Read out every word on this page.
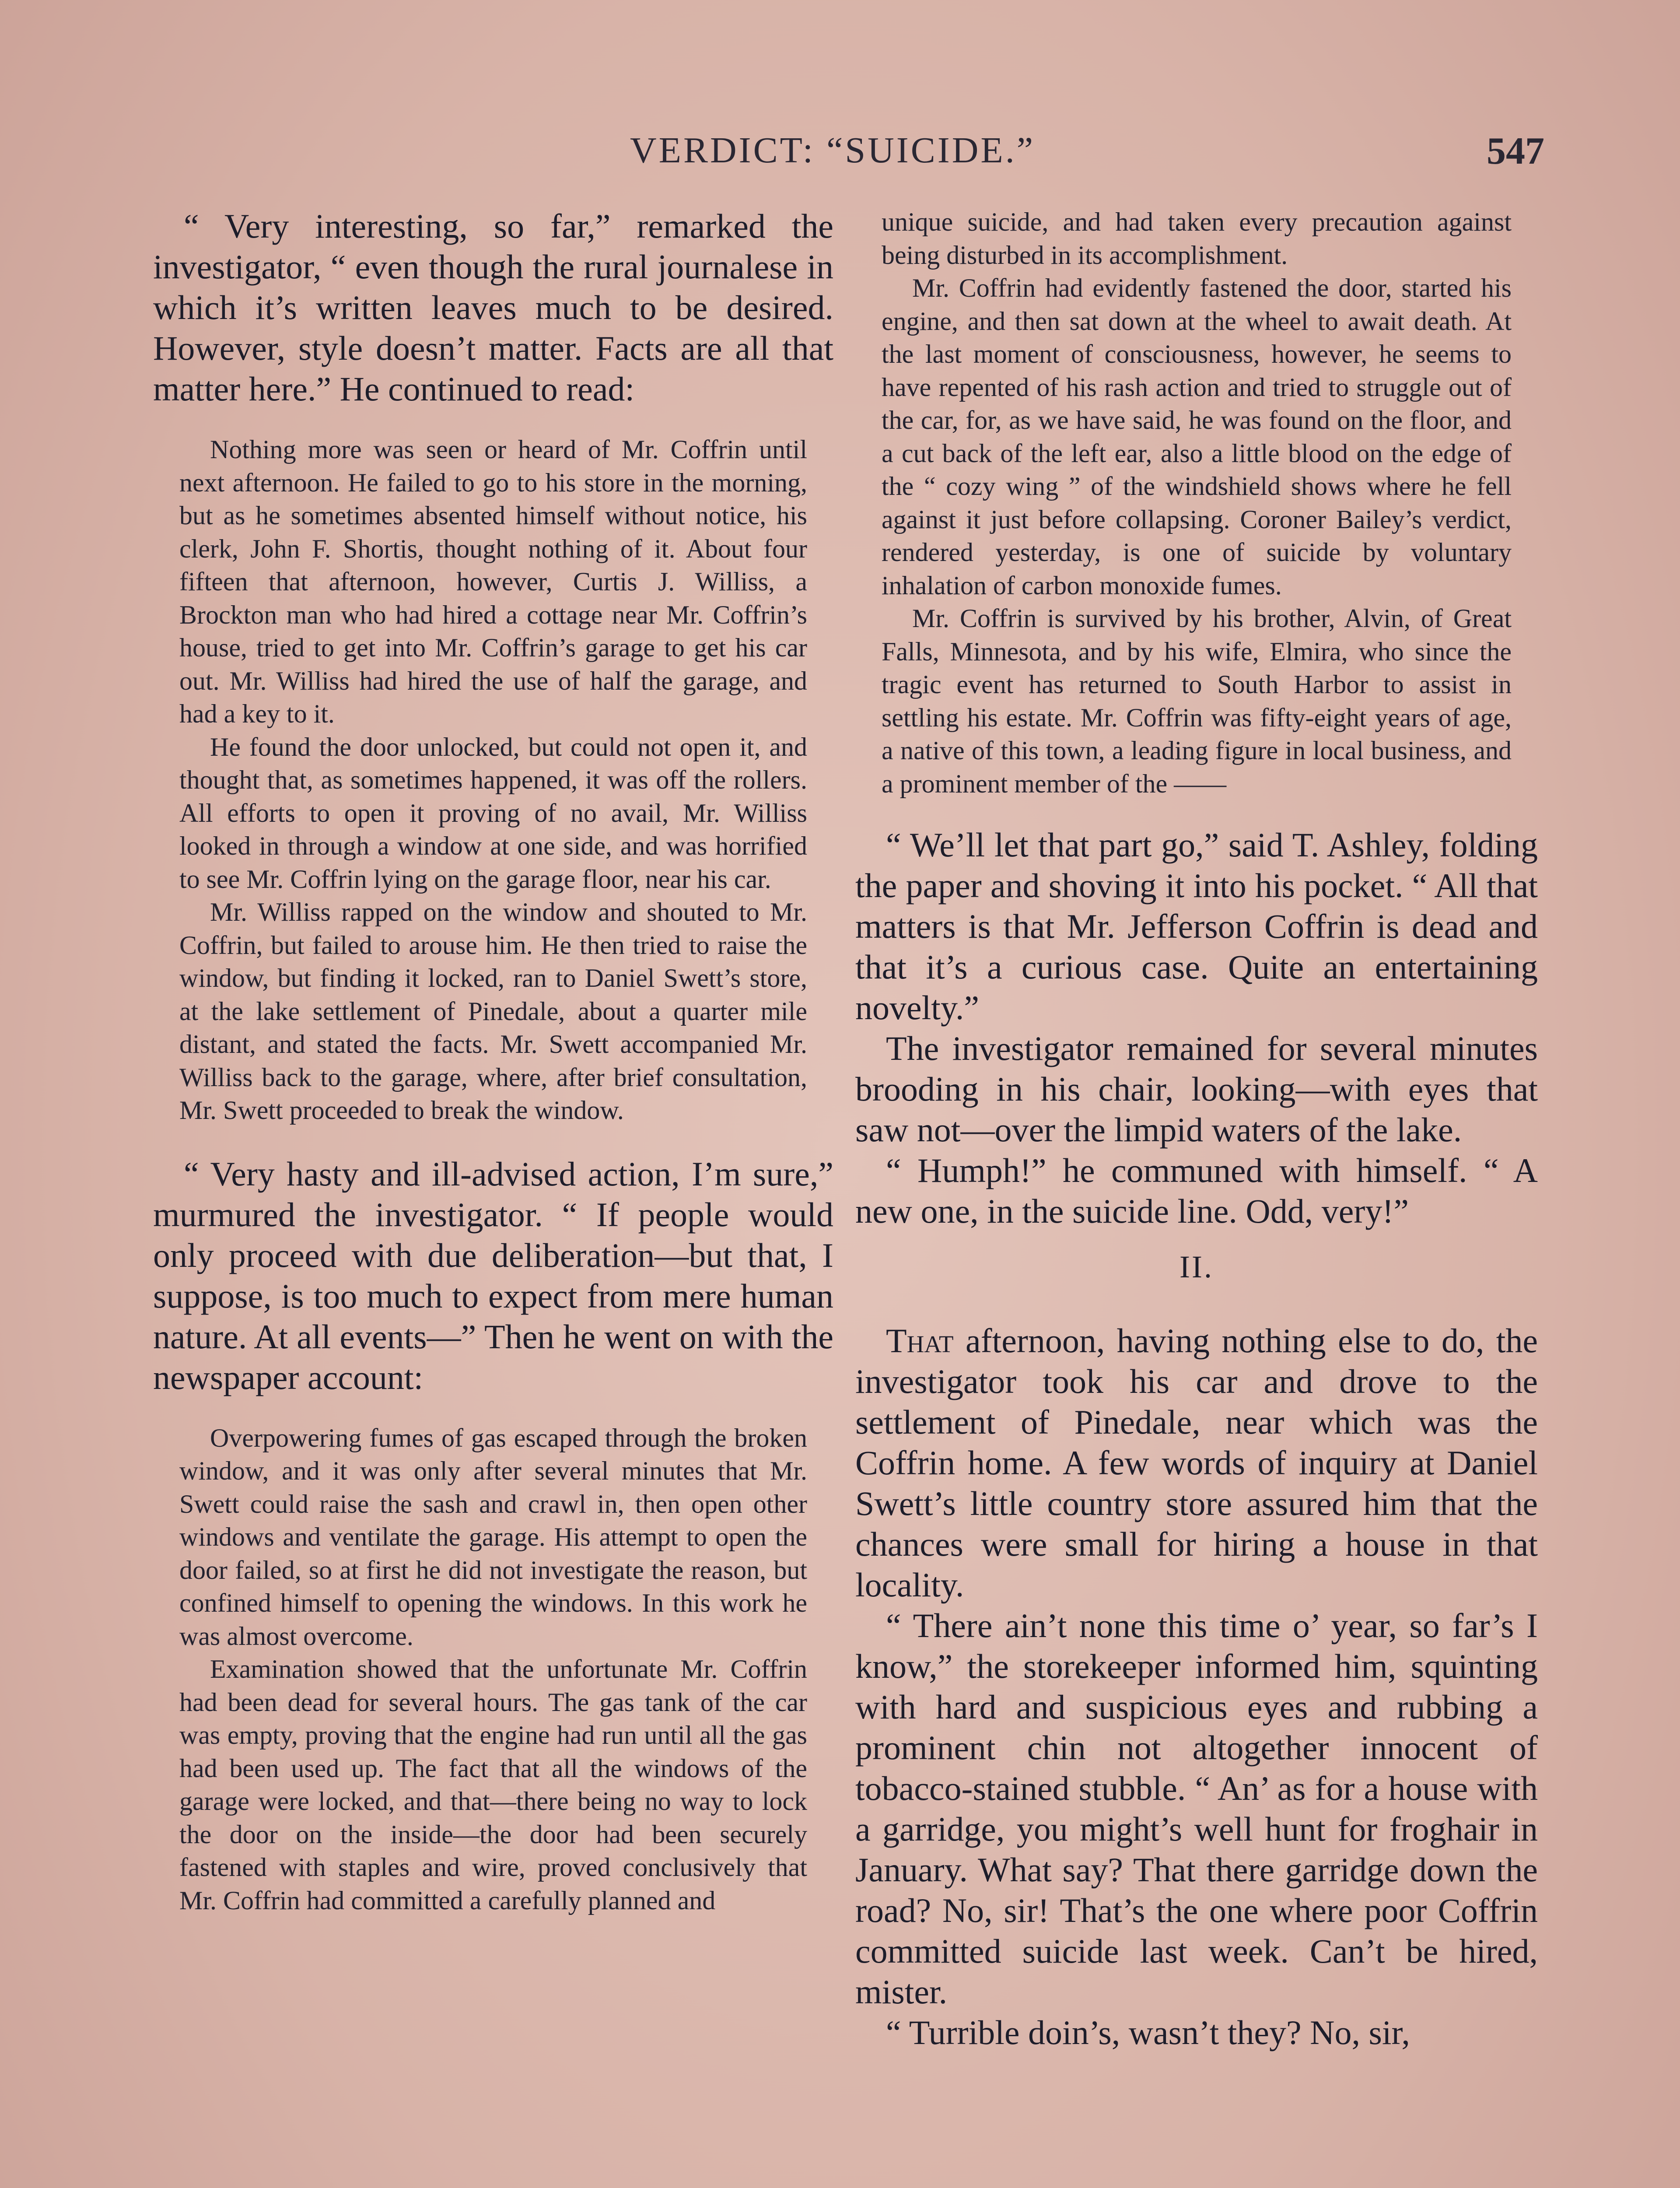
VERDICT: “SUICIDE.”	547

“ Very interesting, so far,” remarked the investigator, “ even though the rural journalese in which it’s written leaves much to be desired. However, style doesn’t matter. Facts are all that matter here.” He continued to read:

Nothing more was seen or heard of Mr. Coffrin until next afternoon. He failed to go to his store in the morning, but as he sometimes absented himself without notice, his clerk, John F. Shortis, thought nothing of it. About four fifteen that afternoon, however, Curtis J. Williss, a Brockton man who had hired a cottage near Mr. Coffrin’s house, tried to get into Mr. Coffrin’s garage to get his car out. Mr. Williss had hired the use of half the garage, and had a key to it.

He found the door unlocked, but could not open it, and thought that, as sometimes happened, it was off the rollers. All efforts to open it proving of no avail, Mr. Williss looked in through a window at one side, and was horrified to see Mr. Coffrin lying on the garage floor, near his car.

Mr. Williss rapped on the window and shouted to Mr. Coffrin, but failed to arouse him. He then tried to raise the window, but finding it locked, ran to Daniel Swett’s store, at the lake settlement of Pinedale, about a quarter mile distant, and stated the facts. Mr. Swett accompanied Mr. Williss back to the garage, where, after brief consultation, Mr. Swett proceeded to break the window.

“ Very hasty and ill-advised action, I’m sure,” murmured the investigator. “ If people would only proceed with due deliberation—but that, I suppose, is too much to expect from mere human nature. At all events—” Then he went on with the newspaper account:

Overpowering fumes of gas escaped through the broken window, and it was only after several minutes that Mr. Swett could raise the sash and crawl in, then open other windows and ventilate the garage. His attempt to open the door failed, so at first he did not investigate the reason, but confined himself to opening the windows. In this work he was almost overcome.

Examination showed that the unfortunate Mr. Coffrin had been dead for several hours. The gas tank of the car was empty, proving that the engine had run until all the gas had been used up. The fact that all the windows of the garage were locked, and that—there being no way to lock the door on the inside—the door had been securely fastened with staples and wire, proved conclusively that Mr. Coffrin had committed a carefully planned and

unique suicide, and had taken every precaution against being disturbed in its accomplishment.

Mr. Coffrin had evidently fastened the door, started his engine, and then sat down at the wheel to await death. At the last moment of consciousness, however, he seems to have repented of his rash action and tried to struggle out of the car, for, as we have said, he was found on the floor, and a cut back of the left ear, also a little blood on the edge of the “ cozy wing ” of the windshield shows where he fell against it just before collapsing. Coroner Bailey’s verdict, rendered yesterday, is one of suicide by voluntary inhalation of carbon monoxide fumes.

Mr. Coffrin is survived by his brother, Alvin, of Great Falls, Minnesota, and by his wife, Elmira, who since the tragic event has returned to South Harbor to assist in settling his estate. Mr. Coffrin was fifty-eight years of age, a native of this town, a leading figure in local business, and a prominent member of the ——

“ We’ll let that part go,” said T. Ashley, folding the paper and shoving it into his pocket. “ All that matters is that Mr. Jefferson Coffrin is dead and that it’s a curious case. Quite an entertaining novelty.”

The investigator remained for several minutes brooding in his chair, looking—with eyes that saw not—over the limpid waters of the lake.

“ Humph!” he communed with himself. “ A new one, in the suicide line. Odd, very!”

II.

That afternoon, having nothing else to do, the investigator took his car and drove to the settlement of Pinedale, near which was the Coffrin home. A few words of inquiry at Daniel Swett’s little country store assured him that the chances were small for hiring a house in that locality.

“ There ain’t none this time o’ year, so far’s I know,” the storekeeper informed him, squinting with hard and suspicious eyes and rubbing a prominent chin not altogether innocent of tobacco-stained stubble. “ An’ as for a house with a garridge, you might’s well hunt for froghair in January. What say? That there garridge down the road? No, sir! That’s the one where poor Coffrin committed suicide last week. Can’t be hired, mister.

“ Turrible doin’s, wasn’t they? No, sir,
